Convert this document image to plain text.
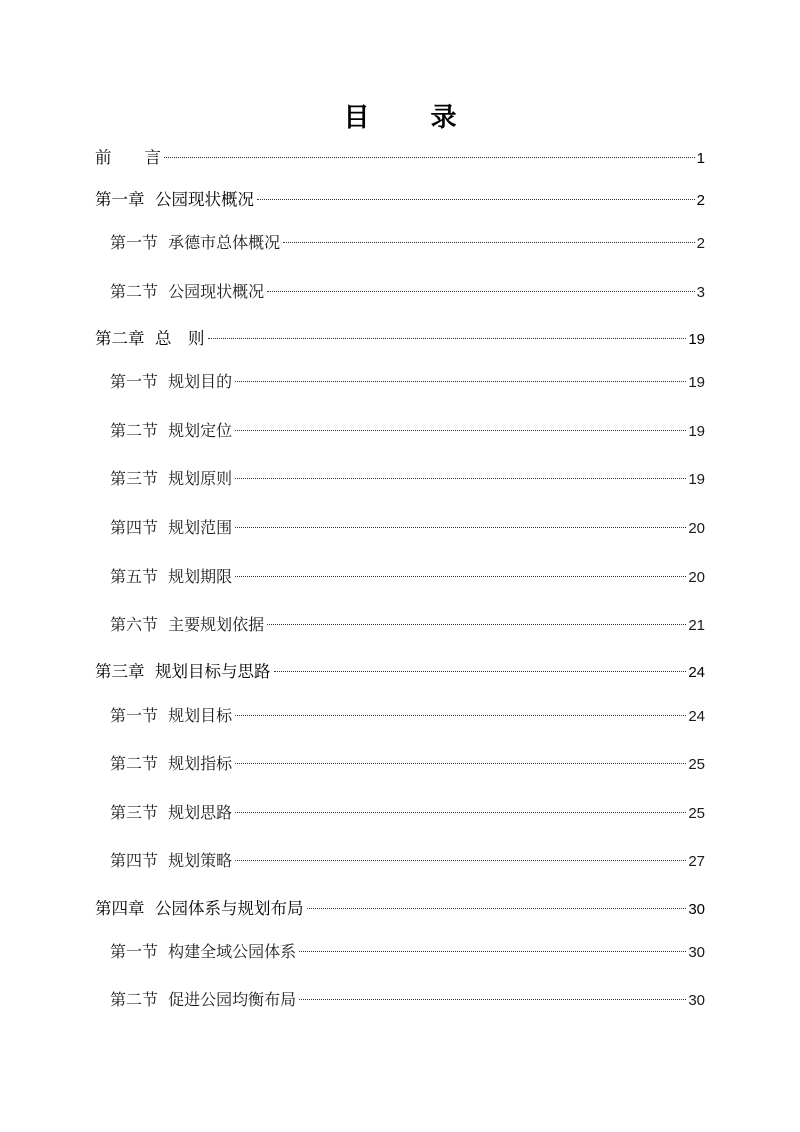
目 录
前　　言	1
第一章  公园现状概况	2
第一节  承德市总体概况	2
第二节  公园现状概况	3
第二章  总　则	19
第一节  规划目的	19
第二节  规划定位	19
第三节  规划原则	19
第四节  规划范围	20
第五节  规划期限	20
第六节  主要规划依据	21
第三章  规划目标与思路	24
第一节  规划目标	24
第二节  规划指标	25
第三节  规划思路	25
第四节  规划策略	27
第四章  公园体系与规划布局	30
第一节  构建全域公园体系	30
第二节  促进公园均衡布局	30
